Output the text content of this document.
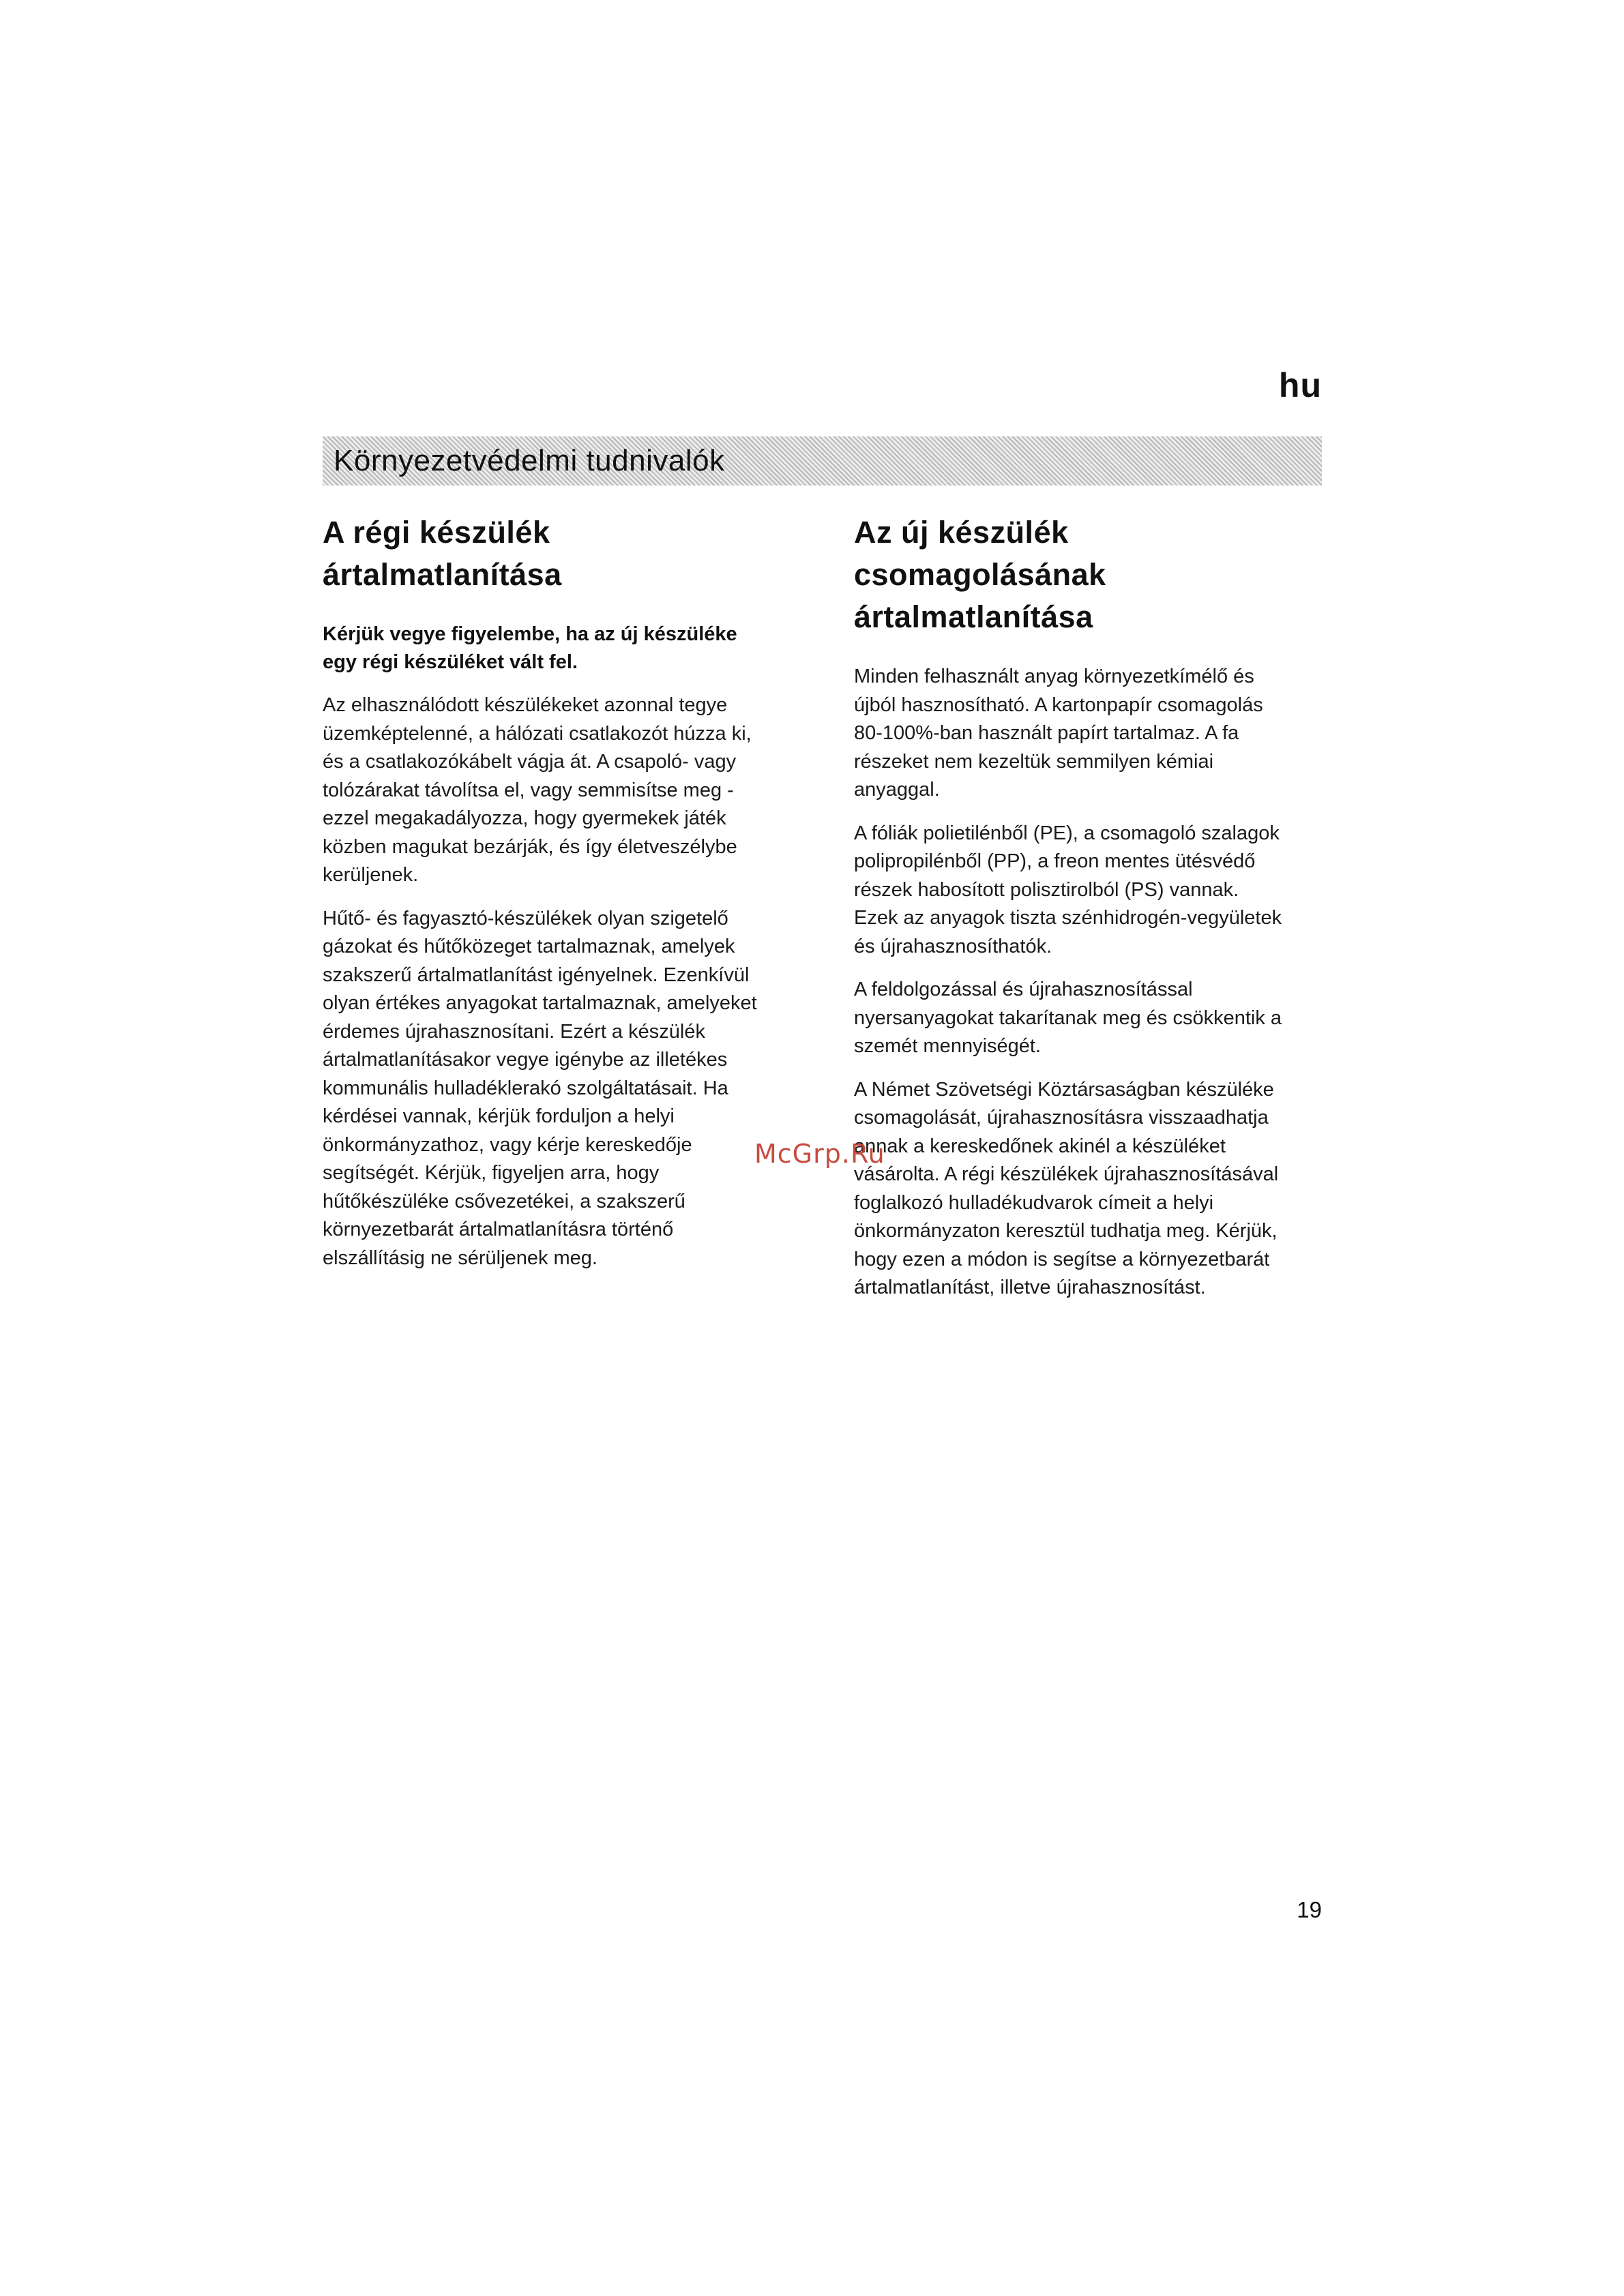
hu
Környezetvédelmi tudnivalók
A régi készülék
ártalmatlanítása

Kérjük vegye figyelembe, ha az új készüléke
egy régi készüléket vált fel.

Az elhasználódott készülékeket azonnal tegye
üzemképtelenné, a hálózati csatlakozót húzza ki,
és a csatlakozókábelt vágja át. A csapoló- vagy
tolózárakat távolítsa el, vagy semmisítse meg -
ezzel megakadályozza, hogy gyermekek játék
közben magukat bezárják, és így életveszélybe
kerüljenek.

Hűtő- és fagyasztó-készülékek olyan szigetelő
gázokat és hűtőközeget tartalmaznak, amelyek
szakszerű ártalmatlanítást igényelnek. Ezenkívül
olyan értékes anyagokat tartalmaznak, amelyeket
érdemes újrahasznosítani. Ezért a készülék
ártalmatlanításakor vegye igénybe az illetékes
kommunális hulladéklerakó szolgáltatásait. Ha
kérdései vannak, kérjük forduljon a helyi
önkormányzathoz, vagy kérje kereskedője
segítségét. Kérjük, figyeljen arra, hogy
hűtőkészüléke csővezetékei, a szakszerű
környezetbarát ártalmatlanításra történő
elszállításig ne sérüljenek meg.

Az új készülék
csomagolásának
ártalmatlanítása

Minden felhasznált anyag környezetkímélő és
újból hasznosítható. A kartonpapír csomagolás
80-100%-ban használt papírt tartalmaz. A fa
részeket nem kezeltük semmilyen kémiai
anyaggal.

A fóliák polietilénből (PE), a csomagoló szalagok
polipropilénből (PP), a freon mentes ütésvédő
részek habosított polisztirolból (PS) vannak.
Ezek az anyagok tiszta szénhidrogén-vegyületek
és újrahasznosíthatók.

A feldolgozással és újrahasznosítással
nyersanyagokat takarítanak meg és csökkentik a
szemét mennyiségét.

A Német Szövetségi Köztársaságban készüléke
csomagolását, újrahasznosításra visszaadhatja
annak a kereskedőnek akinél a készüléket
vásárolta. A régi készülékek újrahasznosításával
foglalkozó hulladékudvarok címeit a helyi
önkormányzaton keresztül tudhatja meg. Kérjük,
hogy ezen a módon is segítse a környezetbarát
ártalmatlanítást, illetve újrahasznosítást.

McGrp.Ru
19
